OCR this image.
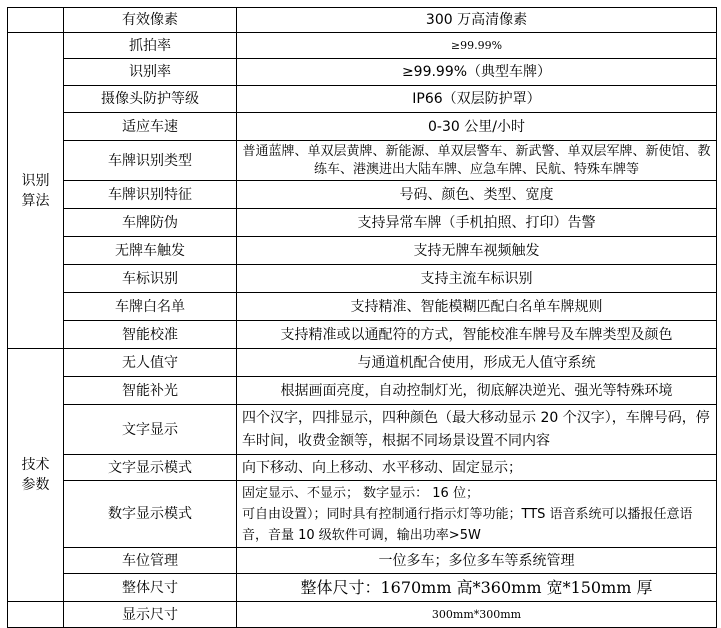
	有效像素	300 万高清像素

识别
算法	抓拍率	≥99.99%
	识别率	≥99.99%（典型车牌）
	摄像头防护等级	IP66（双层防护罩）
	适应车速	0-30 公里/小时
	车牌识别类型	普通蓝牌、单双层黄牌、新能源、单双层警车、新武警、单双层军牌、新使馆、教练车、港澳进出大陆车牌、应急车牌、民航、特殊车牌等
	车牌识别特征	号码、颜色、类型、宽度
	车牌防伪	支持异常车牌（手机拍照、打印）告警
	无牌车触发	支持无牌车视频触发
	车标识别	支持主流车标识别
	车牌白名单	支持精准、智能模糊匹配白名单车牌规则
	智能校准	支持精准或以通配符的方式，智能校准车牌号及车牌类型及颜色

技术
参数	无人值守	与通道机配合使用，形成无人值守系统
	智能补光	根据画面亮度，自动控制灯光，彻底解决逆光、强光等特殊环境
	文字显示	四个汉字，四排显示，四种颜色（最大移动显示 20 个汉字），车牌号码，停车时间，收费金额等，根据不同场景设置不同内容
	文字显示模式	向下移动、向上移动、水平移动、固定显示；
	数字显示模式	固定显示、不显示； 数字显示： 16 位；
可自由设置）；同时具有控制通行指示灯等功能；TTS 语音系统可以播报任意语音，音量 10 级软件可调，输出功率>5W

	车位管理	一位多车；多位多车等系统管理
	整体尺寸	整体尺寸：1670mm 高*360mm 宽*150mm 厚
	显示尺寸	300mm*300mm
